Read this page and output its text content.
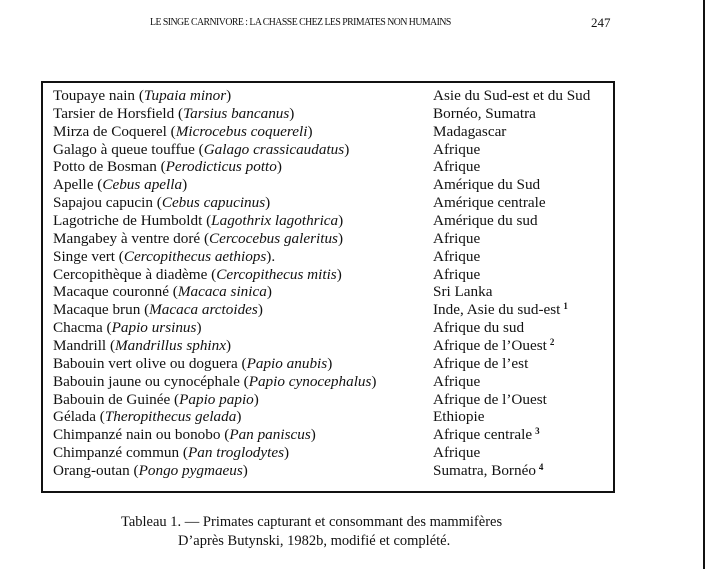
LE SINGE CARNIVORE : LA CHASSE CHEZ LES PRIMATES NON HUMAINS	247
Toupaye nain (Tupaia minor)	Asie du Sud-est et du Sud
Tarsier de Horsfield (Tarsius bancanus)	Bornéo, Sumatra
Mirza de Coquerel (Microcebus coquereli)	Madagascar
Galago à queue touffue (Galago crassicaudatus)	Afrique
Potto de Bosman (Perodicticus potto)	Afrique
Apelle (Cebus apella)	Amérique du Sud
Sapajou capucin (Cebus capucinus)	Amérique centrale
Lagotriche de Humboldt (Lagothrix lagothrica)	Amérique du sud
Mangabey à ventre doré (Cercocebus galeritus)	Afrique
Singe vert (Cercopithecus aethiops).	Afrique
Cercopithèque à diadème (Cercopithecus mitis)	Afrique
Macaque couronné (Macaca sinica)	Sri Lanka
Macaque brun (Macaca arctoides)	Inde, Asie du sud-est $^1$
Chacma (Papio ursinus)	Afrique du sud
Mandrill (Mandrillus sphinx)	Afrique de l’Ouest $^2$
Babouin vert olive ou doguera (Papio anubis)	Afrique de l’est
Babouin jaune ou cynocéphale (Papio cynocephalus)	Afrique
Babouin de Guinée (Papio papio)	Afrique de l’Ouest
Gélada (Theropithecus gelada)	Ethiopie
Chimpanzé nain ou bonobo (Pan paniscus)	Afrique centrale $^3$
Chimpanzé commun (Pan troglodytes)	Afrique
Orang-outan (Pongo pygmaeus)	Sumatra, Bornéo $^4$
Tableau 1. — Primates capturant et consommant des mammifères
D’après Butynski, 1982b, modifié et complété.
